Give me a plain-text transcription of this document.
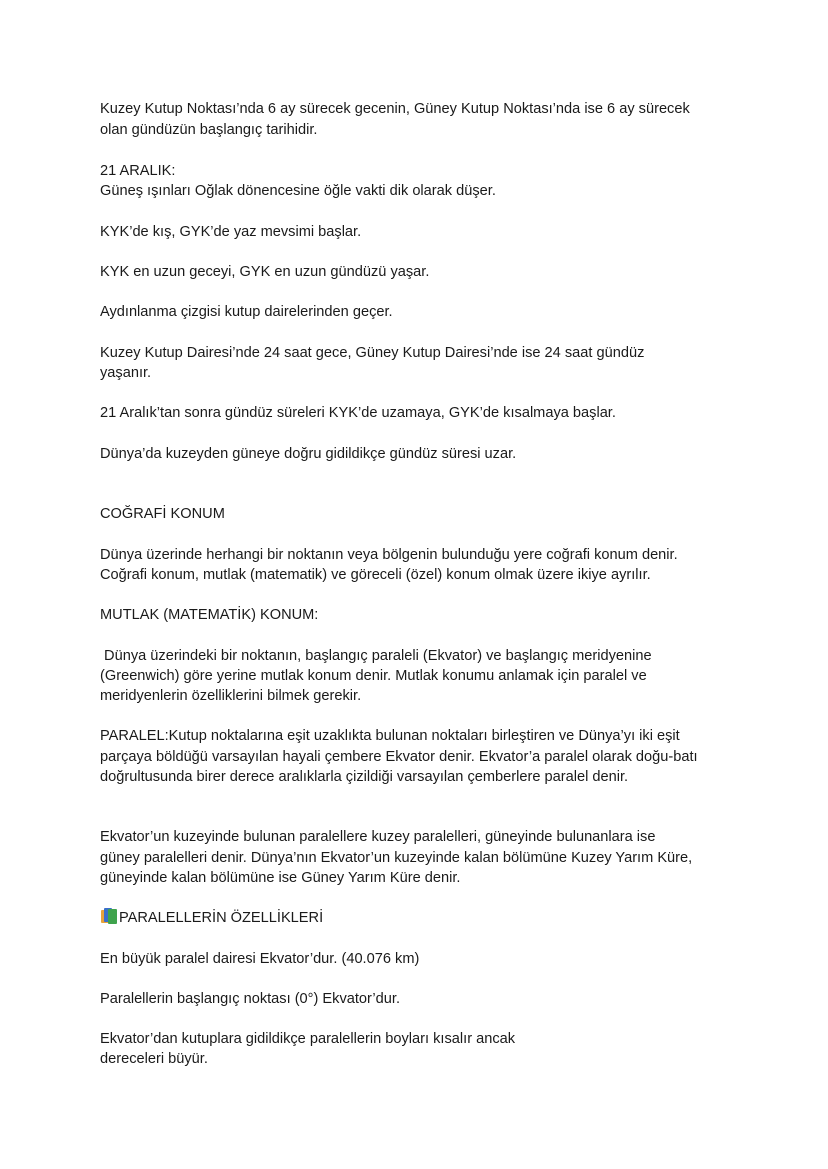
Kuzey Kutup Noktası’nda 6 ay sürecek gecenin, Güney Kutup Noktası’nda ise 6 ay sürecek
olan gündüzün başlangıç tarihidir.
21 ARALIK:
Güneş ışınları Oğlak dönencesine öğle vakti dik olarak düşer.
KYK’de kış, GYK’de yaz mevsimi başlar.
KYK en uzun geceyi, GYK en uzun gündüzü yaşar.
Aydınlanma çizgisi kutup dairelerinden geçer.
Kuzey Kutup Dairesi’nde 24 saat gece, Güney Kutup Dairesi’nde ise 24 saat gündüz
yaşanır.
21 Aralık’tan sonra gündüz süreleri KYK’de uzamaya, GYK’de kısalmaya başlar.
Dünya’da kuzeyden güneye doğru gidildikçe gündüz süresi uzar.
COĞRAFİ KONUM
Dünya üzerinde herhangi bir noktanın veya bölgenin bulunduğu yere coğrafi konum denir.
Coğrafi konum, mutlak (matematik) ve göreceli (özel) konum olmak üzere ikiye ayrılır.
MUTLAK (MATEMATİK) KONUM:
Dünya üzerindeki bir noktanın, başlangıç paraleli (Ekvator) ve başlangıç meridyenine
(Greenwich) göre yerine mutlak konum denir. Mutlak konumu anlamak için paralel ve
meridyenlerin özelliklerini bilmek gerekir.
PARALEL:Kutup noktalarına eşit uzaklıkta bulunan noktaları birleştiren ve Dünya’yı iki eşit
parçaya böldüğü varsayılan hayali çembere Ekvator denir. Ekvator’a paralel olarak doğu-batı
doğrultusunda birer derece aralıklarla çizildiği varsayılan çemberlere paralel denir.
Ekvator’un kuzeyinde bulunan paralellere kuzey paralelleri, güneyinde bulunanlara ise
güney paralelleri denir. Dünya’nın Ekvator’un kuzeyinde kalan bölümüne Kuzey Yarım Küre,
güneyinde kalan bölümüne ise Güney Yarım Küre denir.
PARALELLERİN ÖZELLİKLERİ
En büyük paralel dairesi Ekvator’dur. (40.076 km)
Paralellerin başlangıç noktası (0°) Ekvator’dur.
Ekvator’dan kutuplara gidildikçe paralellerin boyları kısalır ancak
dereceleri büyür.
